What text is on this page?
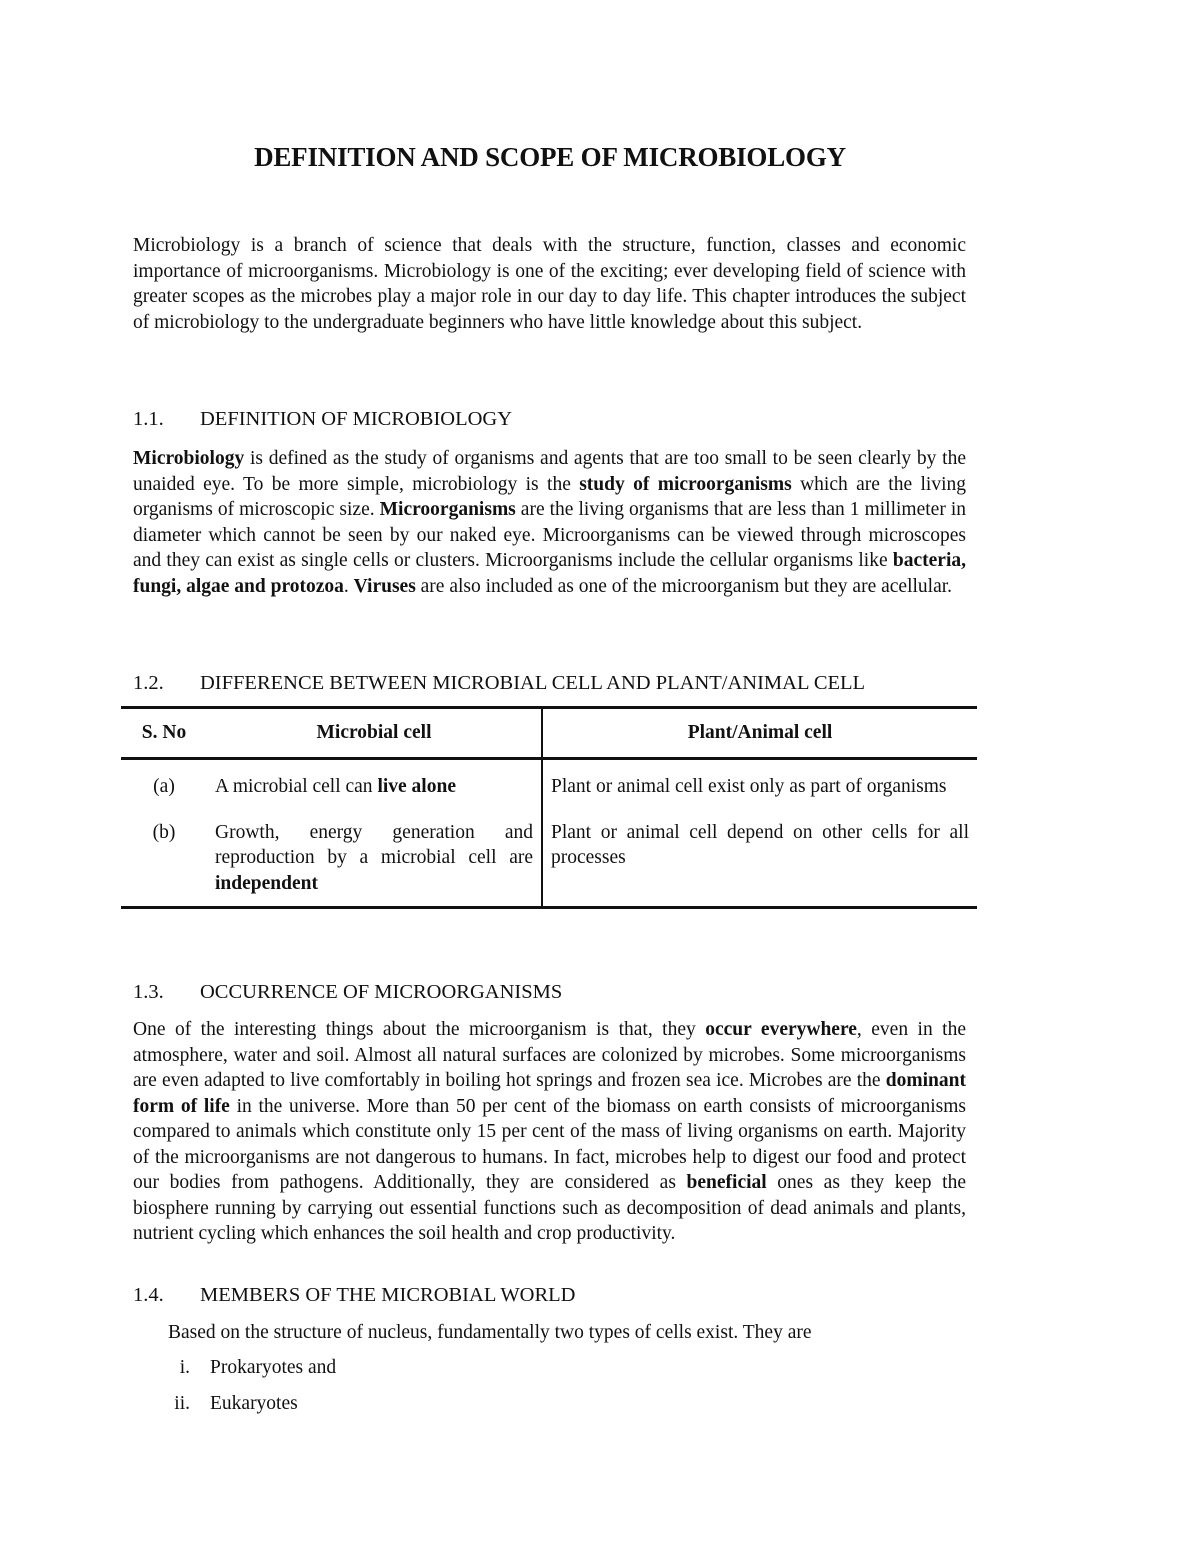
DEFINITION AND SCOPE OF MICROBIOLOGY

Microbiology is a branch of science that deals with the structure, function, classes and economic importance of microorganisms. Microbiology is one of the exciting; ever developing field of science with greater scopes as the microbes play a major role in our day to day life. This chapter introduces the subject of microbiology to the undergraduate beginners who have little knowledge about this subject.

1.1.	DEFINITION OF MICROBIOLOGY

Microbiology is defined as the study of organisms and agents that are too small to be seen clearly by the unaided eye. To be more simple, microbiology is the study of microorganisms which are the living organisms of microscopic size. Microorganisms are the living organisms that are less than 1 millimeter in diameter which cannot be seen by our naked eye. Microorganisms can be viewed through microscopes and they can exist as single cells or clusters. Microorganisms include the cellular organisms like bacteria, fungi, algae and protozoa. Viruses are also included as one of the microorganism but they are acellular.

1.2.	DIFFERENCE BETWEEN MICROBIAL CELL AND PLANT/ANIMAL CELL
S. No	Microbial cell	Plant/Animal cell
(a)	A microbial cell can live alone	Plant or animal cell exist only as part of organisms
(b)	Growth, energy generation and reproduction by a microbial cell are independent	Plant or animal cell depend on other cells for all processes
1.3.	OCCURRENCE OF MICROORGANISMS

One of the interesting things about the microorganism is that, they occur everywhere, even in the atmosphere, water and soil. Almost all natural surfaces are colonized by microbes. Some microorganisms are even adapted to live comfortably in boiling hot springs and frozen sea ice. Microbes are the dominant form of life in the universe. More than 50 per cent of the biomass on earth consists of microorganisms compared to animals which constitute only 15 per cent of the mass of living organisms on earth. Majority of the microorganisms are not dangerous to humans. In fact, microbes help to digest our food and protect our bodies from pathogens. Additionally, they are considered as beneficial ones as they keep the biosphere running by carrying out essential functions such as decomposition of dead animals and plants, nutrient cycling which enhances the soil health and crop productivity.

1.4.	MEMBERS OF THE MICROBIAL WORLD
Based on the structure of nucleus, fundamentally two types of cells exist. They are
i.	Prokaryotes and
ii.	Eukaryotes
